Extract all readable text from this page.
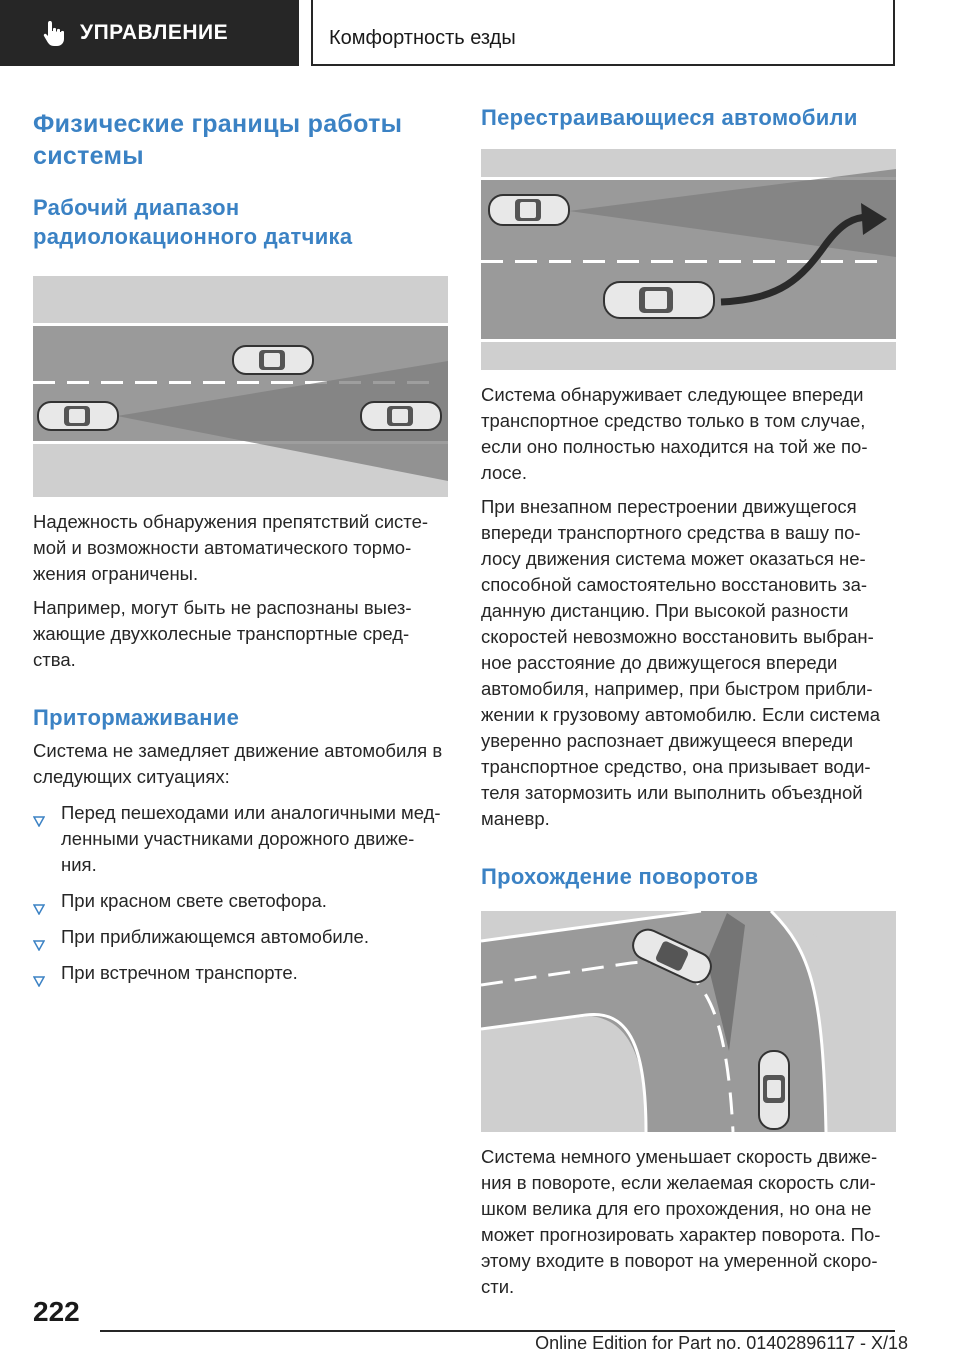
УПРАВЛЕНИЕ	Комфортность езды
Физические границы работы системы
Рабочий диапазон радиолокационного датчика

Надежность обнаружения препятствий систе-мой и возможности автоматического тормо-жения ограничены.

Например, могут быть не распознаны выез-жающие двухколесные транспортные сред-ства.

Притормаживание

Система не замедляет движение автомобиля в следующих ситуациях:

Перед пешеходами или аналогичными мед-ленными участниками дорожного движе-ния.
При красном свете светофора.
При приближающемся автомобиле.
При встречном транспорте.
Перестраивающиеся автомобили

Система обнаруживает следующее впереди транспортное средство только в том случае, если оно полностью находится на той же по-лосе.

При внезапном перестроении движущегося впереди транспортного средства в вашу по-лосу движения система может оказаться не-способной самостоятельно восстановить за-данную дистанцию. При высокой разности скоростей невозможно восстановить выбран-ное расстояние до движущегося впереди автомобиля, например, при быстром прибли-жении к грузовому автомобилю. Если система уверенно распознает движущееся впереди транспортное средство, она призывает води-теля затормозить или выполнить объездной маневр.

Прохождение поворотов

Система немного уменьшает скорость движе-ния в повороте, если желаемая скорость сли-шком велика для его прохождения, но она не может прогнозировать характер поворота. По-этому входите в поворот на умеренной скоро-сти.

222
Online Edition for Part no. 01402896117 - X/18
